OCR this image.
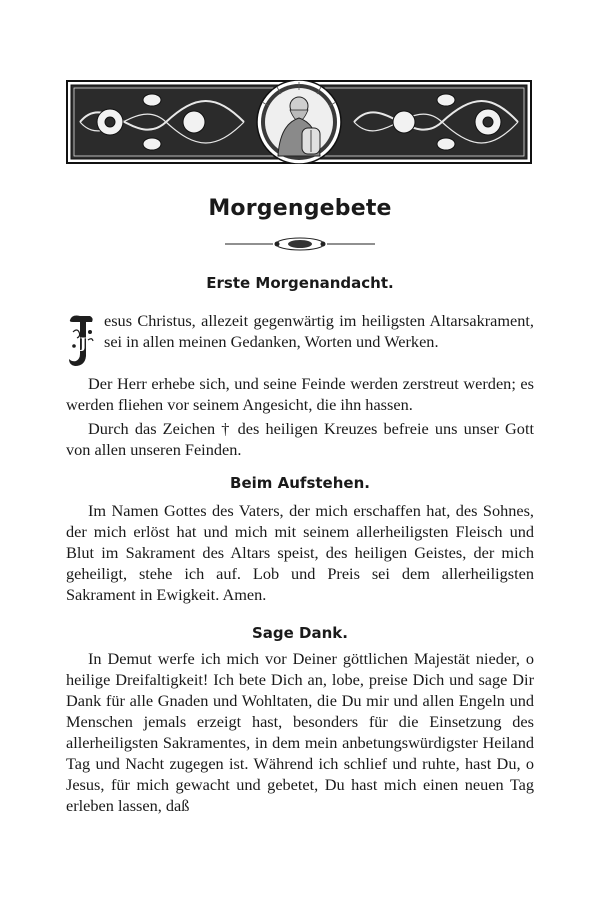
Morgengebete
Erste Morgenandacht.
J
esus Christus, allezeit gegenwärtig im heiligsten Altarsakrament, sei in allen meinen Gedanken, Worten und Werken.
Der Herr erhebe sich, und seine Feinde werden zerstreut werden; es werden fliehen vor seinem Angesicht, die ihn hassen.
Durch das Zeichen † des heiligen Kreuzes befreie uns unser Gott von allen unseren Feinden.
Beim Aufstehen.
Im Namen Gottes des Vaters, der mich erschaffen hat, des Sohnes, der mich erlöst hat und mich mit seinem allerheiligsten Fleisch und Blut im Sakrament des Altars speist, des heiligen Geistes, der mich geheiligt, stehe ich auf. Lob und Preis sei dem allerheiligsten Sakrament in Ewigkeit. Amen.
Sage Dank.
In Demut werfe ich mich vor Deiner göttlichen Majestät nieder, o heilige Dreifaltigkeit! Ich bete Dich an, lobe, preise Dich und sage Dir Dank für alle Gnaden und Wohltaten, die Du mir und allen Engeln und Menschen jemals erzeigt hast, besonders für die Einsetzung des allerheiligsten Sakramentes, in dem mein anbetungswürdigster Heiland Tag und Nacht zugegen ist. Während ich schlief und ruhte, hast Du, o Jesus, für mich gewacht und gebetet, Du hast mich einen neuen Tag erleben lassen, daß
